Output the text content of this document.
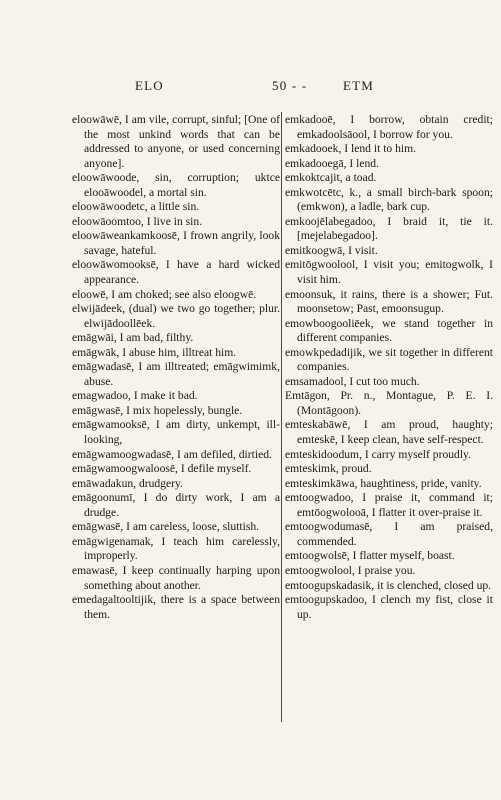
ELO	50 - -	ETM

eloowāwē, I am vile, corrupt, sinful; [One of the most unkind words that can be addressed to anyone, or used concerning anyone].

eloowāwoode, sin, corruption; uktce elooāwoodel, a mortal sin.

eloowāwoodetc, a little sin.

eloowāoomtoo, I live in sin.

eloowāweankamkoosē, I frown angrily, look savage, hateful.

eloowāwomooksē, I have a hard wicked appearance.

eloowē, I am choked; see also eloogwē.

elwijādeek, (dual) we two go together; plur. elwijādoollēek.

emāgwāi, I am bad, filthy.

emāgwāk, I abuse him, illtreat him.

emāgwadasē, I am illtreated; emāgwimimk, abuse.

emagwadoo, I make it bad.

emāgwasē, I mix hopelessly, bungle.

emāgwamooksē, I am dirty, unkempt, ill-looking,

emāgwamoogwadasē, I am defiled, dirtied.

emāgwamoogwaloosē, I defile myself.

emāwadakun, drudgery.

emāgoonumī, I do dirty work, I am a drudge.

emāgwasē, I am careless, loose, sluttish.

emāgwigenamak, I teach him carelessly, improperly.

emawasē, I keep continually harping upon something about another.

emedagaltooltijik, there is a space between them.

emkadooē, I borrow, obtain credit; emkadoolsāool, I borrow for you.

emkadooek, I lend it to him.

emkadooegā, I lend.

emkoktcajit, a toad.

emkwotcētc, k., a small birch-bark spoon; (emkwon), a ladle, bark cup.

emkoojēlabegadoo, I braid it, tie it. [mejelabegadoo].

emitkoogwā, I visit.

emitōgwoolool, I visit you; emitogwolk, I visit him.

emoonsuk, it rains, there is a shower; Fut. moonsetow; Past, emoonsugup.

emowboogooliēek, we stand together in different companies.

emowkpedadijik, we sit together in different companies.

emsamadool, I cut too much.

Emtāgon, Pr. n., Montague, P. E. I. (Montāgoon).

emteskabāwē, I am proud, haughty; emteskē, I keep clean, have self-respect.

emteskidoodum, I carry myself proudly.

emteskimk, proud.

emteskimkāwa, haughtiness, pride, vanity.

emtoogwadoo, I praise it, command it; emtōogwolooā, I flatter it over-praise it.

emtoogwodumasē, I am praised, commended.

emtoogwolsē, I flatter myself, boast.

emtoogwolool, I praise you.

emtoogupskadasik, it is clenched, closed up.

emtoogupskadoo, I clench my fist, close it up.
